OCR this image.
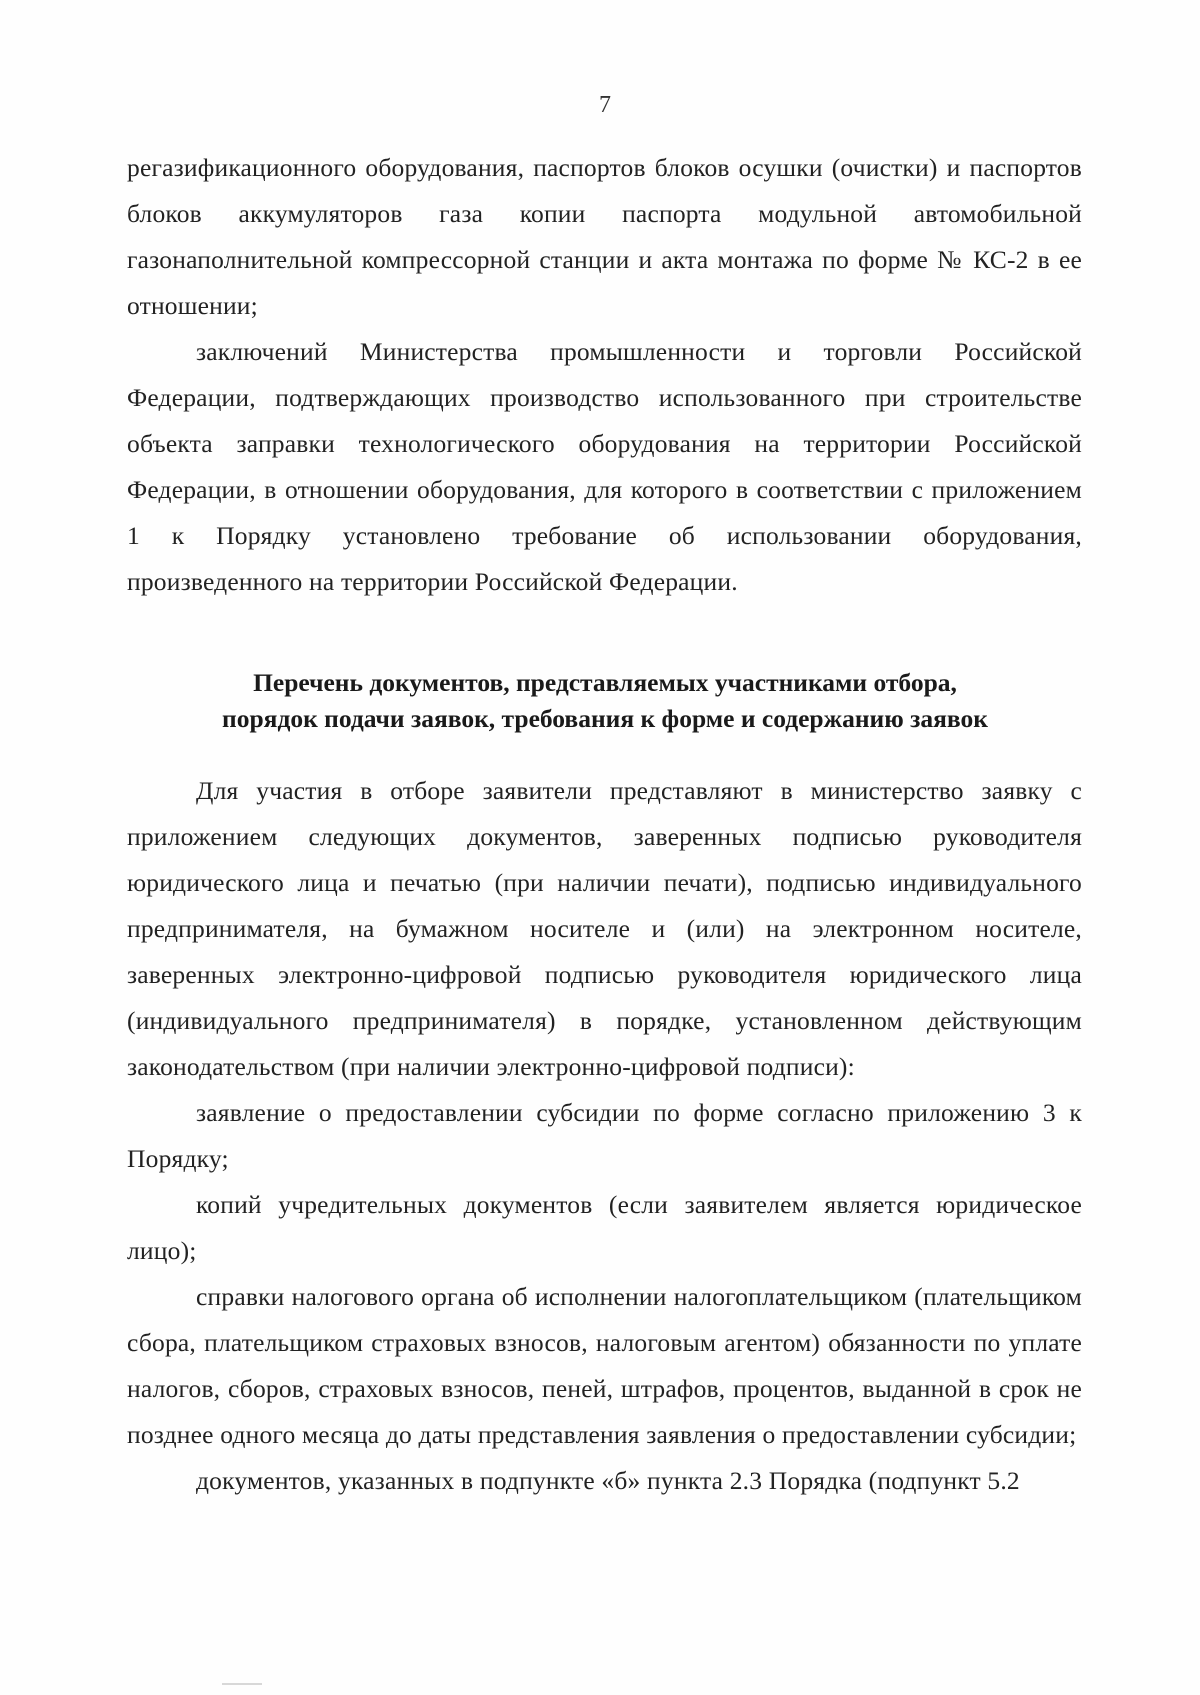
7

регазификационного оборудования, паспортов блоков осушки (очистки) и паспортов блоков аккумуляторов газа копии паспорта модульной автомобильной газонаполнительной компрессорной станции и акта монтажа по форме № КС-2 в ее отношении;

заключений Министерства промышленности и торговли Российской Федерации, подтверждающих производство использованного при строительстве объекта заправки технологического оборудования на территории Российской Федерации, в отношении оборудования, для которого в соответствии с приложением 1 к Порядку установлено требование об использовании оборудования, произведенного на территории Российской Федерации.

Перечень документов, представляемых участниками отбора,
порядок подачи заявок, требования к форме и содержанию заявок

Для участия в отборе заявители представляют в министерство заявку с приложением следующих документов, заверенных подписью руководителя юридического лица и печатью (при наличии печати), подписью индивидуального предпринимателя, на бумажном носителе и (или) на электронном носителе, заверенных электронно-цифровой подписью руководителя юридического лица (индивидуального предпринимателя) в порядке, установленном действующим законодательством (при наличии электронно-цифровой подписи):

заявление о предоставлении субсидии по форме согласно приложению 3 к Порядку;

копий учредительных документов (если заявителем является юридическое лицо);

справки налогового органа об исполнении налогоплательщиком (плательщиком сбора, плательщиком страховых взносов, налоговым агентом) обязанности по уплате налогов, сборов, страховых взносов, пеней, штрафов, процентов, выданной в срок не позднее одного месяца до даты представления заявления о предоставлении субсидии;

документов, указанных в подпункте «б» пункта 2.3 Порядка (подпункт 5.2
